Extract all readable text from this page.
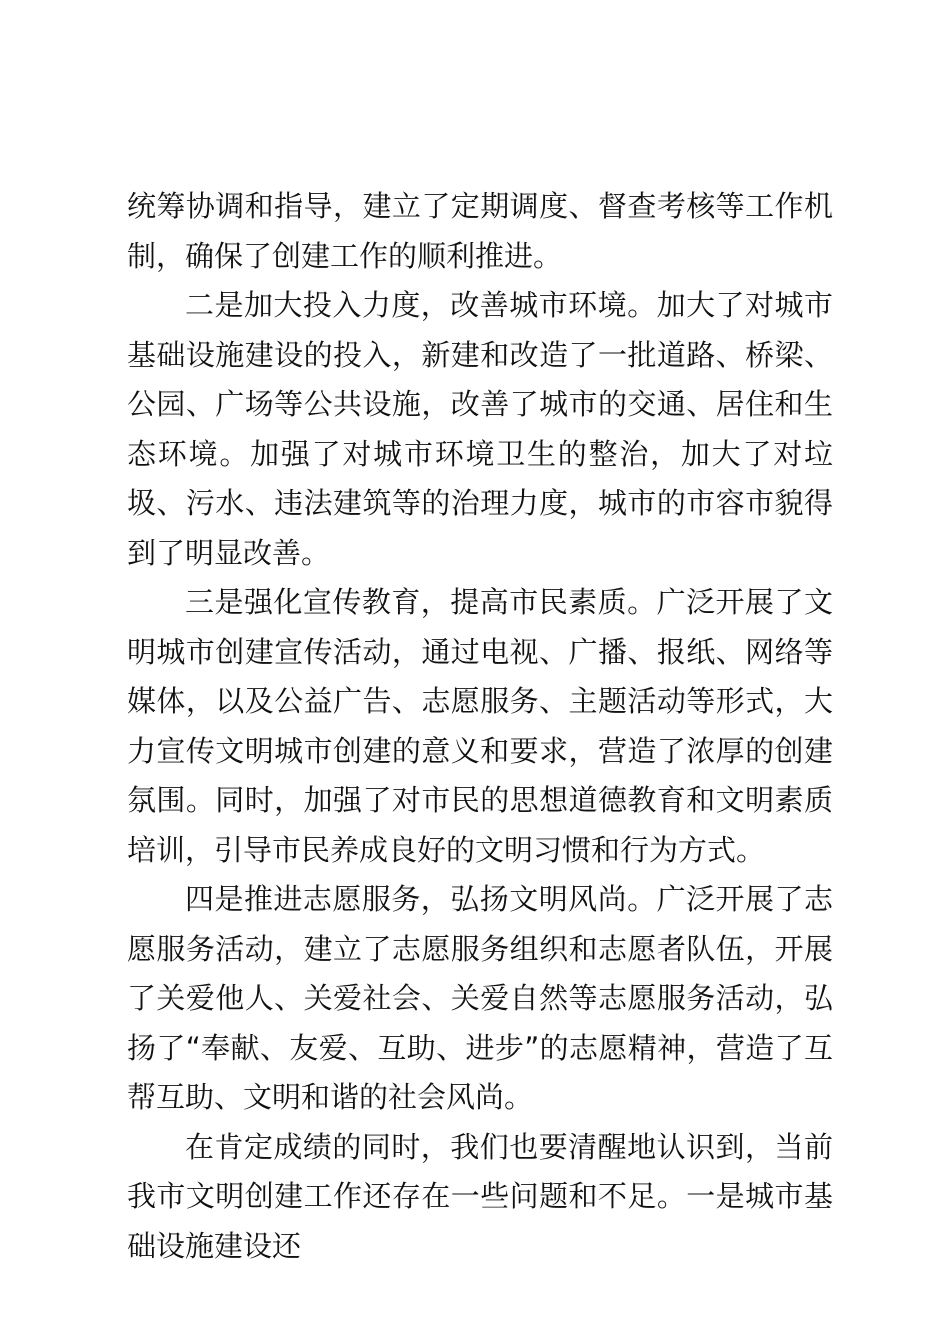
统筹协调和指导，建立了定期调度、督查考核等工作机制，确保了创建工作的顺利推进。

二是加大投入力度，改善城市环境。加大了对城市基础设施建设的投入，新建和改造了一批道路、桥梁、公园、广场等公共设施，改善了城市的交通、居住和生态环境。加强了对城市环境卫生的整治，加大了对垃圾、污水、违法建筑等的治理力度，城市的市容市貌得到了明显改善。

三是强化宣传教育，提高市民素质。广泛开展了文明城市创建宣传活动，通过电视、广播、报纸、网络等媒体，以及公益广告、志愿服务、主题活动等形式，大力宣传文明城市创建的意义和要求，营造了浓厚的创建氛围。同时，加强了对市民的思想道德教育和文明素质培训，引导市民养成良好的文明习惯和行为方式。

四是推进志愿服务，弘扬文明风尚。广泛开展了志愿服务活动，建立了志愿服务组织和志愿者队伍，开展了关爱他人、关爱社会、关爱自然等志愿服务活动，弘扬了“奉献、友爱、互助、进步”的志愿精神，营造了互帮互助、文明和谐的社会风尚。

在肯定成绩的同时，我们也要清醒地认识到，当前我市文明创建工作还存在一些问题和不足。一是城市基础设施建设还
